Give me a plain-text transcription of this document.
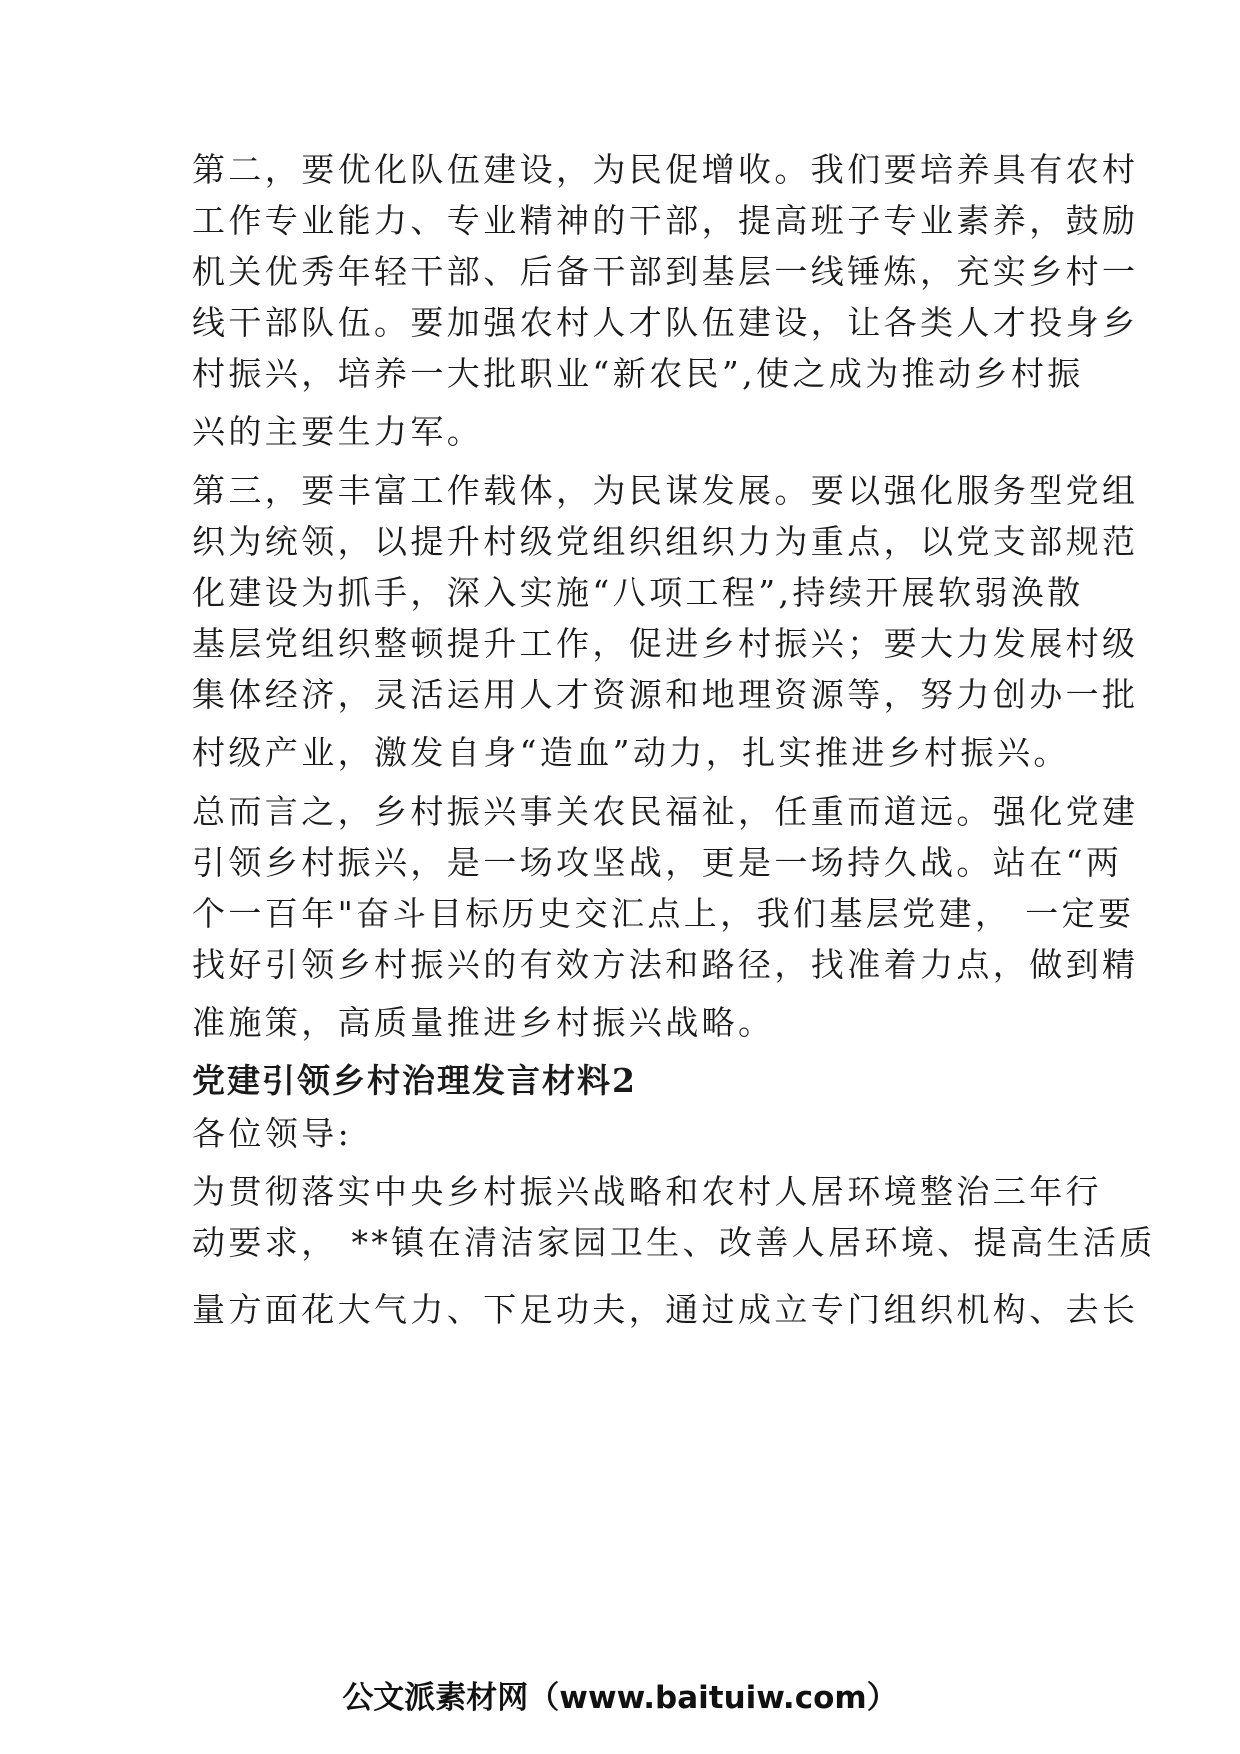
第二，要优化队伍建设，为民促增收。我们要培养具有农村
工作专业能力、专业精神的干部，提高班子专业素养，鼓励
机关优秀年轻干部、后备干部到基层一线锤炼，充实乡村一
线干部队伍。要加强农村人才队伍建设，让各类人才投身乡
村振兴，培养一大批职业“新农民”,使之成为推动乡村振
兴的主要生力军。
第三，要丰富工作载体，为民谋发展。要以强化服务型党组
织为统领，以提升村级党组织组织力为重点，以党支部规范
化建设为抓手，深入实施“八项工程”,持续开展软弱涣散
基层党组织整顿提升工作，促进乡村振兴；要大力发展村级
集体经济，灵活运用人才资源和地理资源等，努力创办一批
村级产业，激发自身“造血”动力，扎实推进乡村振兴。
总而言之，乡村振兴事关农民福祉，任重而道远。强化党建
引领乡村振兴，是一场攻坚战，更是一场持久战。站在“两
个一百年"奋斗目标历史交汇点上，我们基层党建， 一定要
找好引领乡村振兴的有效方法和路径，找准着力点，做到精
准施策，高质量推进乡村振兴战略。
党建引领乡村治理发言材料2
各位领导:
为贯彻落实中央乡村振兴战略和农村人居环境整治三年行
动要求， **镇在清洁家园卫生、改善人居环境、提高生活质
量方面花大气力、下足功夫，通过成立专门组织机构、去长
公文派素材网（www.baituiw.com）
